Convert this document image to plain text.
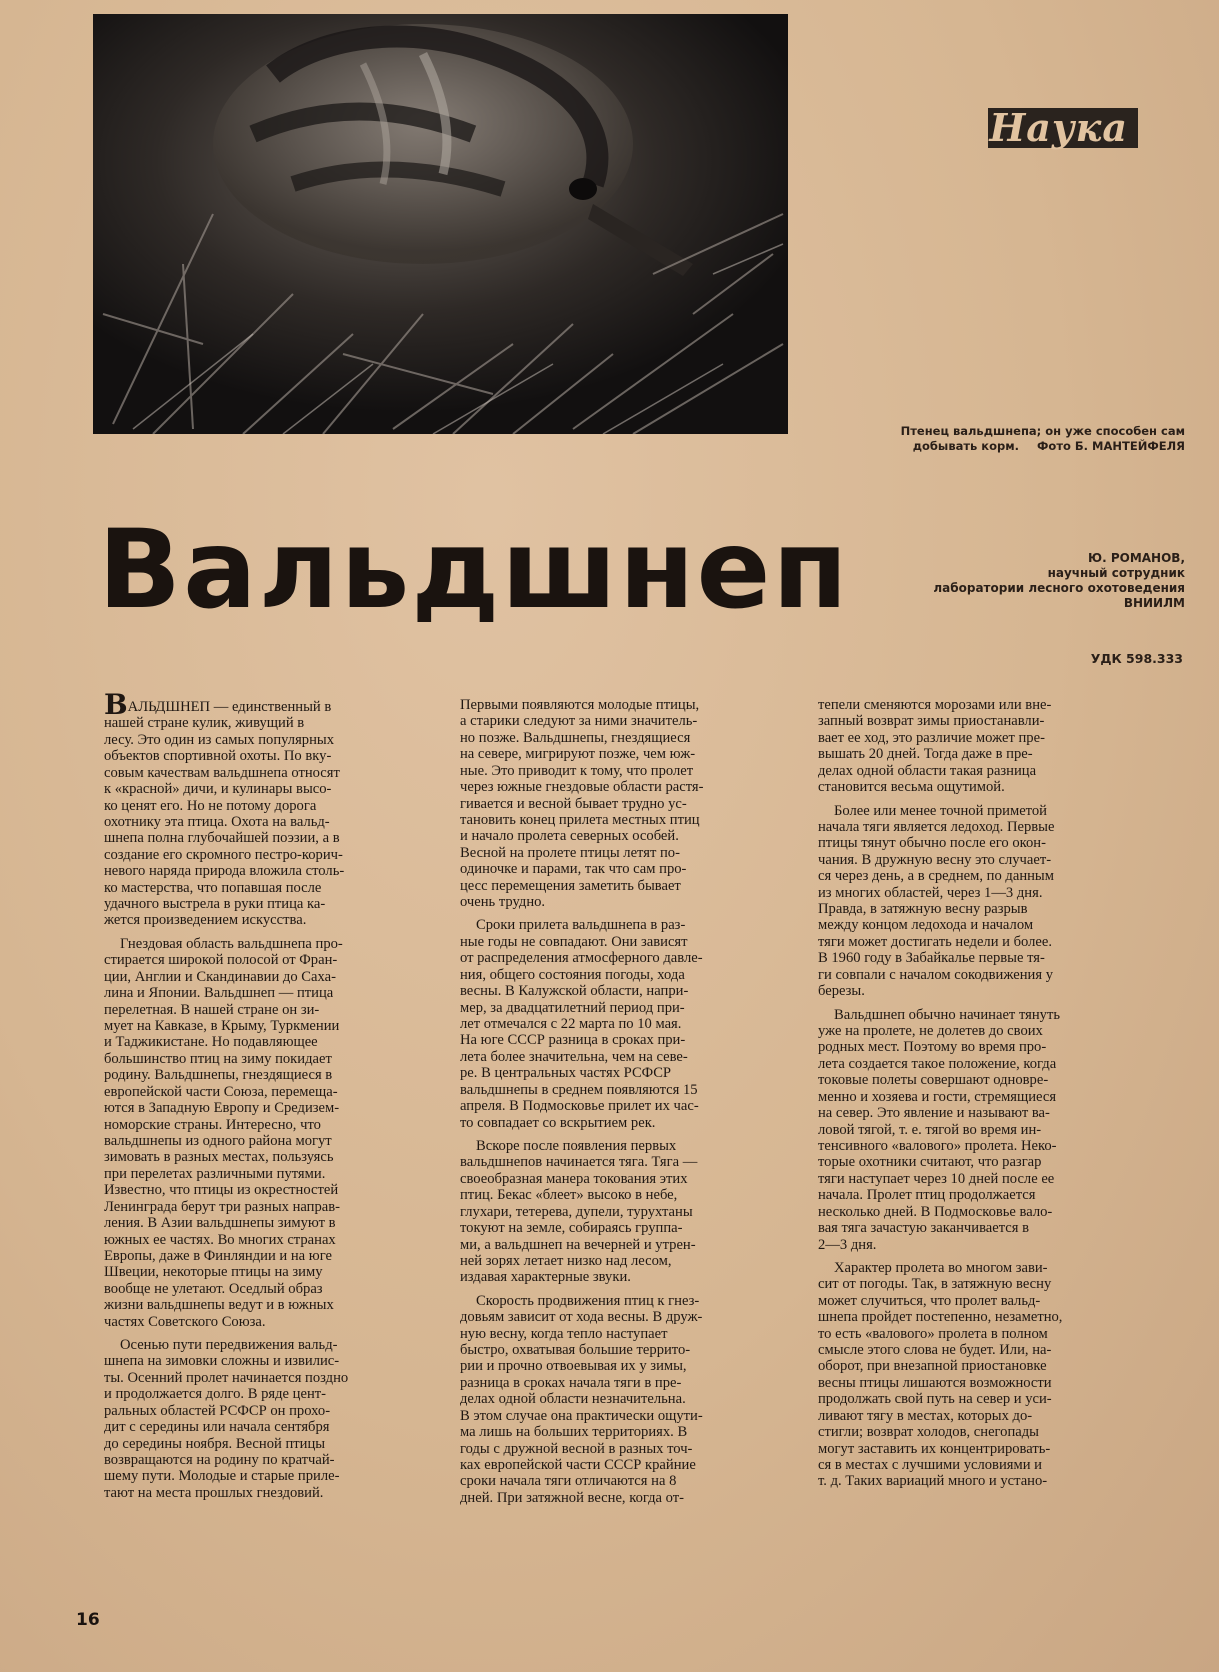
Наука
Птенец вальдшнепа; он уже способен сам
добывать корм. Фото Б. МАНТЕЙФЕЛЯ
Вальдшнеп	Ю. РОМАНОВ,
научный сотрудник
лаборатории лесного охотоведения
ВНИИЛМ
УДК 598.333
ВАЛЬДШНЕП — единственный в
нашей стране кулик, живущий в
лесу. Это один из самых популярных
объектов спортивной охоты. По вку-
совым качествам вальдшнепа относят
к «красной» дичи, и кулинары высо-
ко ценят его. Но не потому дорога
охотнику эта птица. Охота на вальд-
шнепа полна глубочайшей поэзии, а в
создание его скромного пестро-корич-
невого наряда природа вложила столь-
ко мастерства, что попавшая после
удачного выстрела в руки птица ка-
жется произведением искусства.
Гнездовая область вальдшнепа про-
стирается широкой полосой от Фран-
ции, Англии и Скандинавии до Саха-
лина и Японии. Вальдшнеп — птица
перелетная. В нашей стране он зи-
мует на Кавказе, в Крыму, Туркмении
и Таджикистане. Но подавляющее
большинство птиц на зиму покидает
родину. Вальдшнепы, гнездящиеся в
европейской части Союза, перемеща-
ются в Западную Европу и Средизем-
номорские страны. Интересно, что
вальдшнепы из одного района могут
зимовать в разных местах, пользуясь
при перелетах различными путями.
Известно, что птицы из окрестностей
Ленинграда берут три разных направ-
ления. В Азии вальдшнепы зимуют в
южных ее частях. Во многих странах
Европы, даже в Финляндии и на юге
Швеции, некоторые птицы на зиму
вообще не улетают. Оседлый образ
жизни вальдшнепы ведут и в южных
частях Советского Союза.
Осенью пути передвижения вальд-
шнепа на зимовки сложны и извилис-
ты. Осенний пролет начинается поздно
и продолжается долго. В ряде цент-
ральных областей РСФСР он прохо-
дит с середины или начала сентября
до середины ноября. Весной птицы
возвращаются на родину по кратчай-
шему пути. Молодые и старые приле-
тают на места прошлых гнездовий.
Первыми появляются молодые птицы,
а старики следуют за ними значитель-
но позже. Вальдшнепы, гнездящиеся
на севере, мигрируют позже, чем юж-
ные. Это приводит к тому, что пролет
через южные гнездовые области растя-
гивается и весной бывает трудно ус-
тановить конец прилета местных птиц
и начало пролета северных особей.
Весной на пролете птицы летят по-
одиночке и парами, так что сам про-
цесс перемещения заметить бывает
очень трудно.
Сроки прилета вальдшнепа в раз-
ные годы не совпадают. Они зависят
от распределения атмосферного давле-
ния, общего состояния погоды, хода
весны. В Калужской области, напри-
мер, за двадцатилетний период при-
лет отмечался с 22 марта по 10 мая.
На юге СССР разница в сроках при-
лета более значительна, чем на севе-
ре. В центральных частях РСФСР
вальдшнепы в среднем появляются 15
апреля. В Подмосковье прилет их час-
то совпадает со вскрытием рек.
Вскоре после появления первых
вальдшнепов начинается тяга. Тяга —
своеобразная манера токования этих
птиц. Бекас «блеет» высоко в небе,
глухари, тетерева, дупели, турухтаны
токуют на земле, собираясь группа-
ми, а вальдшнеп на вечерней и утрен-
ней зорях летает низко над лесом,
издавая характерные звуки.
Скорость продвижения птиц к гнез-
довьям зависит от хода весны. В друж-
ную весну, когда тепло наступает
быстро, охватывая большие террито-
рии и прочно отвоевывая их у зимы,
разница в сроках начала тяги в пре-
делах одной области незначительна.
В этом случае она практически ощути-
ма лишь на больших территориях. В
годы с дружной весной в разных точ-
ках европейской части СССР крайние
сроки начала тяги отличаются на 8
дней. При затяжной весне, когда от-
тепели сменяются морозами или вне-
запный возврат зимы приостанавли-
вает ее ход, это различие может пре-
вышать 20 дней. Тогда даже в пре-
делах одной области такая разница
становится весьма ощутимой.
Более или менее точной приметой
начала тяги является ледоход. Первые
птицы тянут обычно после его окон-
чания. В дружную весну это случает-
ся через день, а в среднем, по данным
из многих областей, через 1—3 дня.
Правда, в затяжную весну разрыв
между концом ледохода и началом
тяги может достигать недели и более.
В 1960 году в Забайкалье первые тя-
ги совпали с началом сокодвижения у
березы.
Вальдшнеп обычно начинает тянуть
уже на пролете, не долетев до своих
родных мест. Поэтому во время про-
лета создается такое положение, когда
токовые полеты совершают одновре-
менно и хозяева и гости, стремящиеся
на север. Это явление и называют ва-
ловой тягой, т. е. тягой во время ин-
тенсивного «валового» пролета. Неко-
торые охотники считают, что разгар
тяги наступает через 10 дней после ее
начала. Пролет птиц продолжается
несколько дней. В Подмосковье вало-
вая тяга зачастую заканчивается в
2—3 дня.
Характер пролета во многом зави-
сит от погоды. Так, в затяжную весну
может случиться, что пролет вальд-
шнепа пройдет постепенно, незаметно,
то есть «валового» пролета в полном
смысле этого слова не будет. Или, на-
оборот, при внезапной приостановке
весны птицы лишаются возможности
продолжать свой путь на север и уси-
ливают тягу в местах, которых до-
стигли; возврат холодов, снегопады
могут заставить их концентрировать-
ся в местах с лучшими условиями и
т. д. Таких вариаций много и устано-
16
